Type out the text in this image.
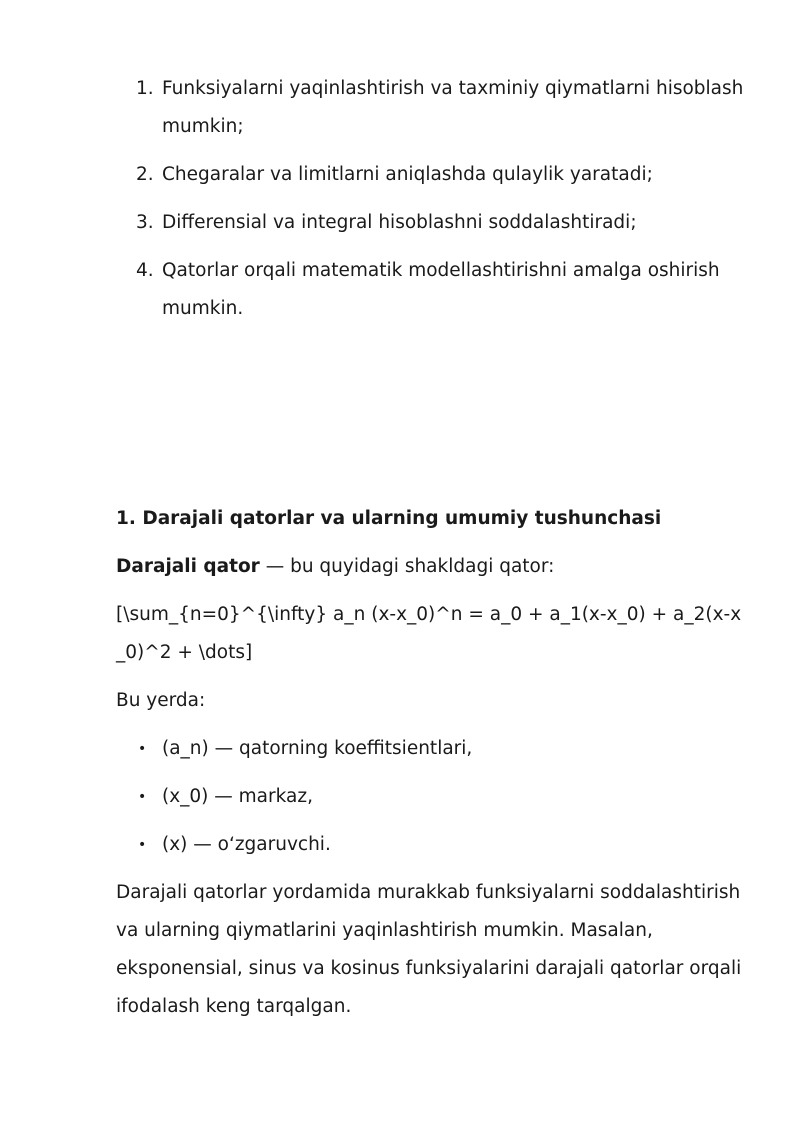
1. Funksiyalarni yaqinlashtirish va taxminiy qiymatlarni hisoblash mumkin;
2. Chegaralar va limitlarni aniqlashda qulaylik yaratadi;
3. Differensial va integral hisoblashni soddalashtiradi;
4. Qatorlar orqali matematik modellashtirishni amalga oshirish mumkin.
1. Darajali qatorlar va ularning umumiy tushunchasi

Darajali qator — bu quyidagi shakldagi qator:

[\sum_{n=0}^{\infty} a_n (x-x_0)^n = a_0 + a_1(x-x_0) + a_2(x-x_0)^2 + \dots]

Bu yerda:

• (a_n) — qatorning koeffitsientlari,
• (x_0) — markaz,
• (x) — o‘zgaruvchi.

Darajali qatorlar yordamida murakkab funksiyalarni soddalashtirish va ularning qiymatlarini yaqinlashtirish mumkin. Masalan, eksponensial, sinus va kosinus funksiyalarini darajali qatorlar orqali ifodalash keng tarqalgan.
